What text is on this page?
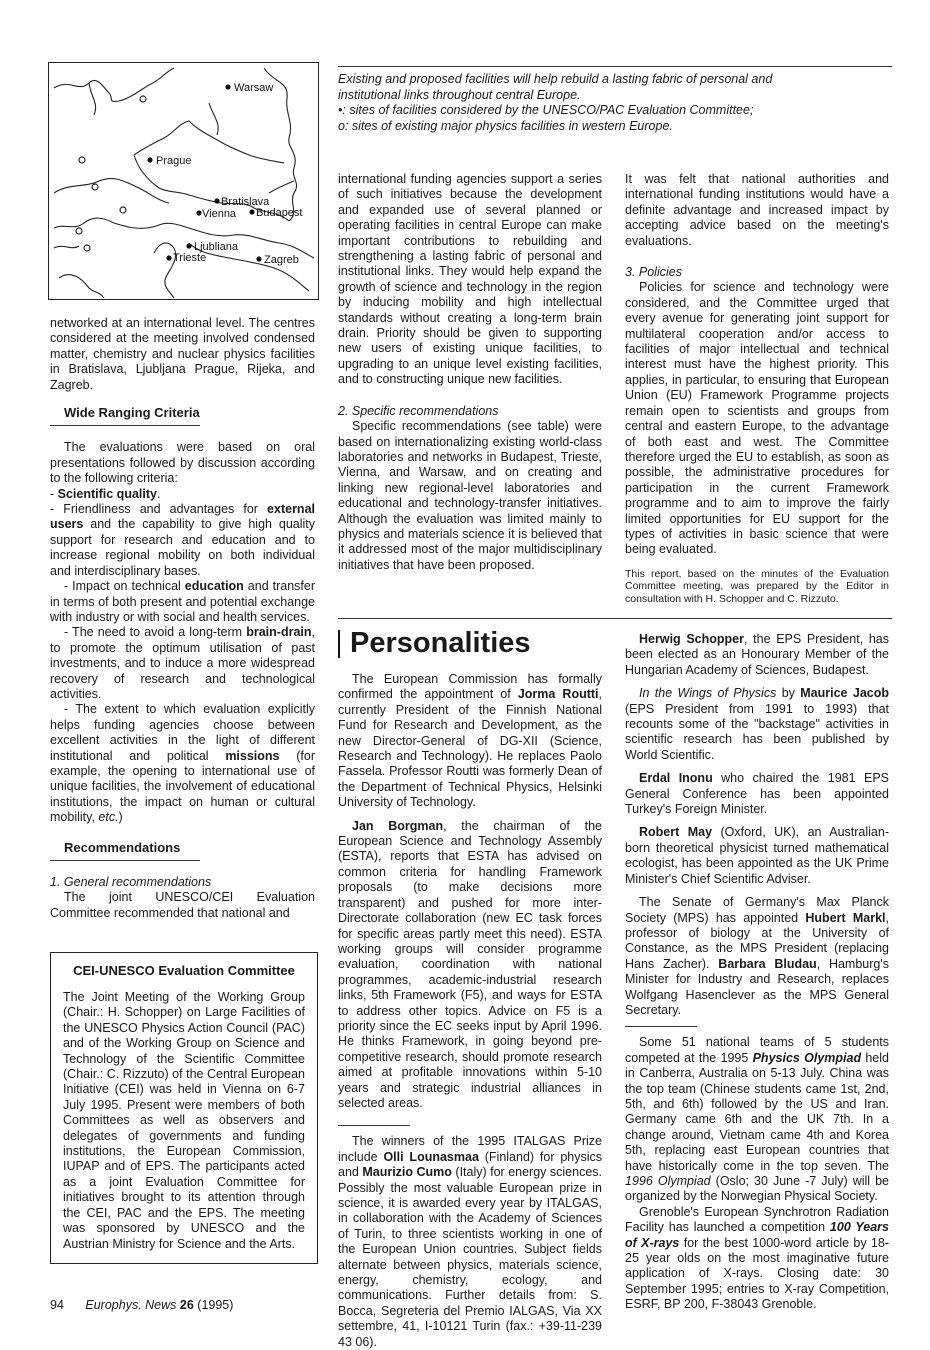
Warsaw
Prague
Bratislava
Vienna Budapest
Ljubliana
Trieste	Zagreb

Existing and proposed facilities will help rebuild a lasting fabric of personal and institutional links throughout central Europe.

•: sites of facilities considered by the UNESCO/PAC Evaluation Committee;

o: sites of existing major physics facilities in western Europe.

networked at an international level. The centres considered at the meeting involved condensed matter, chemistry and nuclear physics facilities in Bratislava, Ljubljana Prague, Rijeka, and Zagreb.

Wide Ranging Criteria

The evaluations were based on oral presentations followed by discussion according to the following criteria:

- Scientific quality.

- Friendliness and advantages for external users and the capability to give high quality support for research and education and to increase regional mobility on both individual and interdisciplinary bases.

- Impact on technical education and transfer in terms of both present and potential exchange with industry or with social and health services.

- The need to avoid a long-term brain-drain, to promote the optimum utilisation of past investments, and to induce a more widespread recovery of research and technological activities.

- The extent to which evaluation explicitly helps funding agencies choose between excellent activities in the light of different institutional and political missions (for example, the opening to international use of unique facilities, the involvement of educational institutions, the impact on human or cultural mobility, etc.)

Recommendations

1. General recommendations

The joint UNESCO/CEI Evaluation Committee recommended that national and

CEI-UNESCO Evaluation Committee

The Joint Meeting of the Working Group (Chair.: H. Schopper) on Large Facilities of the UNESCO Physics Action Council (PAC) and of the Working Group on Science and Technology of the Scientific Committee (Chair.: C. Rizzuto) of the Central European Initiative (CEI) was held in Vienna on 6-7 July 1995. Present were members of both Committees as well as observers and delegates of governments and funding institutions, the European Commission, IUPAP and of EPS. The participants acted as a joint Evaluation Committee for initiatives brought to its attention through the CEI, PAC and the EPS. The meeting was sponsored by UNESCO and the Austrian Ministry for Science and the Arts.

international funding agencies support a series of such initiatives because the development and expanded use of several planned or operating facilities in central Europe can make important contributions to rebuilding and strengthening a lasting fabric of personal and institutional links. They would help expand the growth of science and technology in the region by inducing mobility and high intellectual standards without creating a long-term brain drain. Priority should be given to supporting new users of existing unique facilities, to upgrading to an unique level existing facilities, and to constructing unique new facilities.

2. Specific recommendations

Specific recommendations (see table) were based on internationalizing existing world-class laboratories and networks in Budapest, Trieste, Vienna, and Warsaw, and on creating and linking new regional-level laboratories and educational and technology-transfer initiatives. Although the evaluation was limited mainly to physics and materials science it is believed that it addressed most of the major multidisciplinary initiatives that have been proposed.

It was felt that national authorities and international funding institutions would have a definite advantage and increased impact by accepting advice based on the meeting's evaluations.

3. Policies

Policies for science and technology were considered, and the Committee urged that every avenue for generating joint support for multilateral cooperation and/or access to facilities of major intellectual and technical interest must have the highest priority. This applies, in particular, to ensuring that European Union (EU) Framework Programme projects remain open to scientists and groups from central and eastern Europe, to the advantage of both east and west. The Committee therefore urged the EU to establish, as soon as possible, the administrative procedures for participation in the current Framework programme and to aim to improve the fairly limited opportunities for EU support for the types of activities in basic science that were being evaluated.

This report, based on the minutes of the Evaluation Committee meeting, was prepared by the Editor in consultation with H. Schopper and C. Rizzuto.

Personalities

The European Commission has formally confirmed the appointment of Jorma Routti, currently President of the Finnish National Fund for Research and Development, as the new Director-General of DG-XII (Science, Research and Technology). He replaces Paolo Fassela. Professor Routti was formerly Dean of the Department of Technical Physics, Helsinki University of Technology.

Jan Borgman, the chairman of the European Science and Technology Assembly (ESTA), reports that ESTA has advised on common criteria for handling Framework proposals (to make decisions more transparent) and pushed for more inter-Directorate collaboration (new EC task forces for specific areas partly meet this need). ESTA working groups will consider programme evaluation, coordination with national programmes, academic-industrial research links, 5th Framework (F5), and ways for ESTA to address other topics. Advice on F5 is a priority since the EC seeks input by April 1996. He thinks Framework, in going beyond pre-competitive research, should promote research aimed at profitable innovations within 5-10 years and strategic industrial alliances in selected areas.

The winners of the 1995 ITALGAS Prize include Olli Lounasmaa (Finland) for physics and Maurizio Cumo (Italy) for energy sciences. Possibly the most valuable European prize in science, it is awarded every year by ITALGAS, in collaboration with the Academy of Sciences of Turin, to three scientists working in one of the European Union countries. Subject fields alternate between physics, materials science, energy, chemistry, ecology, and communications. Further details from: S. Bocca, Segreteria del Premio IALGAS, Via XX settembre, 41, I-10121 Turin (fax.: +39-11-239 43 06).

Herwig Schopper, the EPS President, has been elected as an Honourary Member of the Hungarian Academy of Sciences, Budapest.

In the Wings of Physics by Maurice Jacob (EPS President from 1991 to 1993) that recounts some of the "backstage" activities in scientific research has been published by World Scientific.

Erdal Inonu who chaired the 1981 EPS General Conference has been appointed Turkey's Foreign Minister.

Robert May (Oxford, UK), an Australian-born theoretical physicist turned mathematical ecologist, has been appointed as the UK Prime Minister's Chief Scientific Adviser.

The Senate of Germany's Max Planck Society (MPS) has appointed Hubert Markl, professor of biology at the University of Constance, as the MPS President (replacing Hans Zacher). Barbara Bludau, Hamburg's Minister for Industry and Research, replaces Wolfgang Hasenclever as the MPS General Secretary.

Some 51 national teams of 5 students competed at the 1995 Physics Olympiad held in Canberra, Australia on 5-13 July. China was the top team (Chinese students came 1st, 2nd, 5th, and 6th) followed by the US and Iran. Germany came 6th and the UK 7th. In a change around, Vietnam came 4th and Korea 5th, replacing east European countries that have historically come in the top seven. The 1996 Olympiad (Oslo; 30 June -7 July) will be organized by the Norwegian Physical Society.

Grenoble's European Synchrotron Radiation Facility has launched a competition 100 Years of X-rays for the best 1000-word article by 18-25 year olds on the most imaginative future application of X-rays. Closing date: 30 September 1995; entries to X-ray Competition, ESRF, BP 200, F-38043 Grenoble.

94 Europhys. News 26 (1995)
